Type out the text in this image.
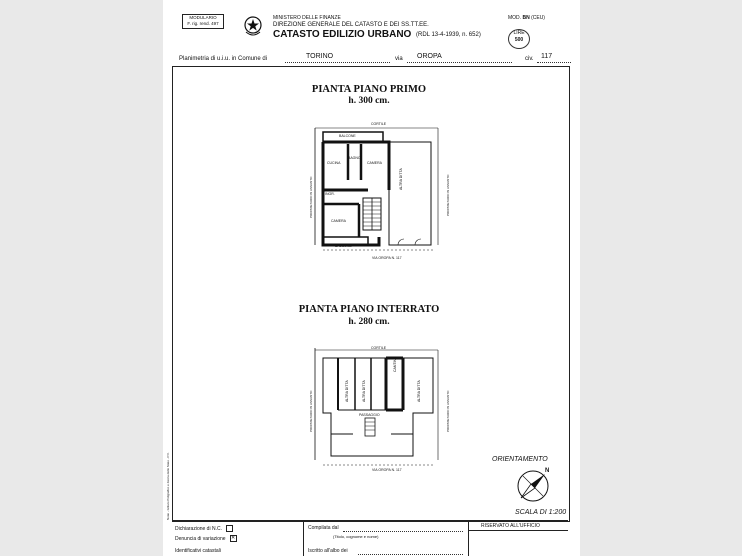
MODULARIO
F. rig. rend. 497
MINISTERO DELLE FINANZE
DIREZIONE GENERALE DEL CATASTO E DEI SS.TT.EE.
CATASTO EDILIZIO URBANO (RDL 13-4-1939, n. 652)
MOD. BN (CEU)
LIRE
500
Planimetria di u.i.u. in Comune di	TORINO	via OROPA	civ. 117
PIANTA PIANO PRIMO
h. 300 cm.
CORTILE
BALCONE
CUCINA
BAGNO
CAMERA
CAMERA
INGR.
BALCONE
ALTRA DITTA
PROPRIETARIO IN ASSUNTO	PROPRIETARIO IN ASSUNTO
VIA OROPA N. 117
PIANTA PIANO INTERRATO
h. 280 cm.
CORTILE
CANTINA
ALTRA DITTA	ALTRA DITTA	ALTRA DITTA
PASSAGGIO
PROPRIETARIO IN ASSUNTO	PROPRIETARIO IN ASSUNTO
VIA OROPA N. 117
ORIENTAMENTO
N
SCALA DI 1:200
Notai - Istituto Poligrafico e Zecca dello Stato - P.V.
Dichiarazione di N.C.
Denuncia di variazione ✕
Identificativi catastali
Compilata dal
(Titolo, cognome e nome)
Iscritto all'albo dei
RISERVATO ALL'UFFICIO
